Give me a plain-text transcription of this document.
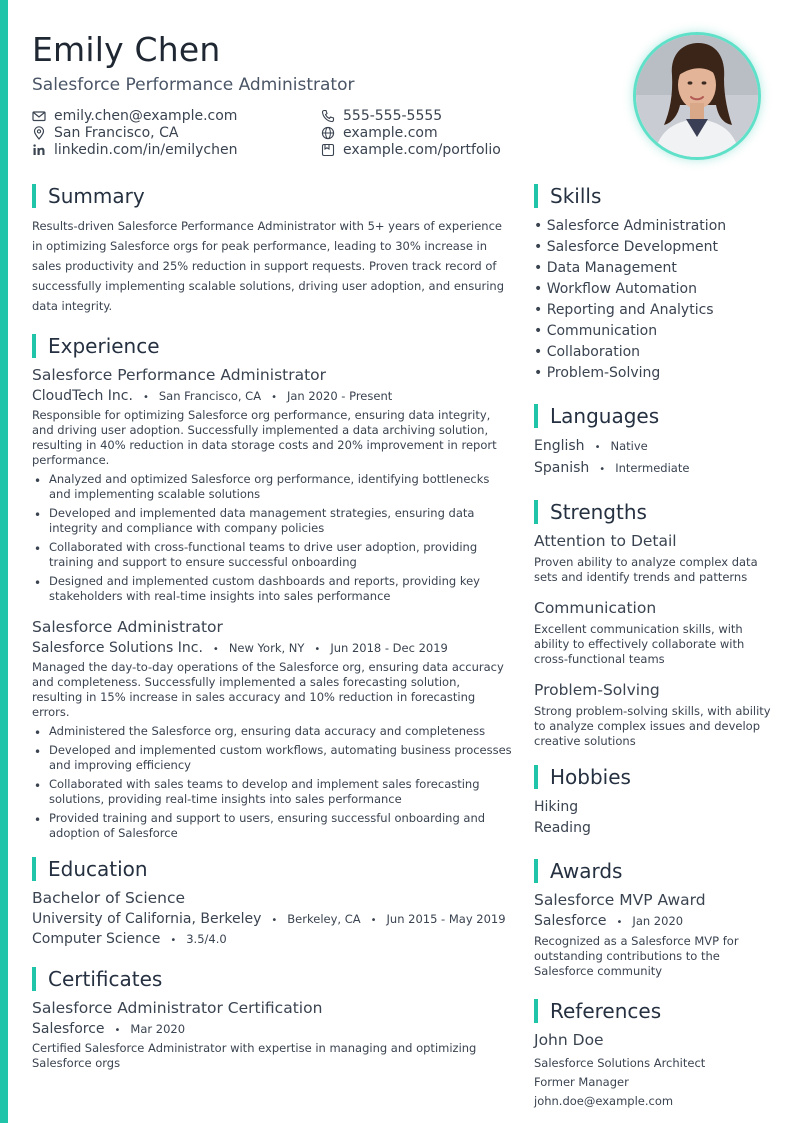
Emily Chen
Salesforce Performance Administrator
emily.chen@example.com	555-555-5555
San Francisco, CA	example.com
linkedin.com/in/emilychen	example.com/portfolio
Summary

Results-driven Salesforce Performance Administrator with 5+ years of experience in optimizing Salesforce orgs for peak performance, leading to 30% increase in sales productivity and 25% reduction in support requests. Proven track record of successfully implementing scalable solutions, driving user adoption, and ensuring data integrity.

Experience
Salesforce Performance Administrator
CloudTech Inc. • San Francisco, CA • Jan 2020 - Present
Responsible for optimizing Salesforce org performance, ensuring data integrity, and driving user adoption. Successfully implemented a data archiving solution, resulting in 40% reduction in data storage costs and 20% improvement in report performance.
• Analyzed and optimized Salesforce org performance, identifying bottlenecks and implementing scalable solutions
• Developed and implemented data management strategies, ensuring data integrity and compliance with company policies
• Collaborated with cross-functional teams to drive user adoption, providing training and support to ensure successful onboarding
• Designed and implemented custom dashboards and reports, providing key stakeholders with real-time insights into sales performance
Salesforce Administrator
Salesforce Solutions Inc. • New York, NY • Jun 2018 - Dec 2019
Managed the day-to-day operations of the Salesforce org, ensuring data accuracy and completeness. Successfully implemented a sales forecasting solution, resulting in 15% increase in sales accuracy and 10% reduction in forecasting errors.
• Administered the Salesforce org, ensuring data accuracy and completeness
• Developed and implemented custom workflows, automating business processes and improving efficiency
• Collaborated with sales teams to develop and implement sales forecasting solutions, providing real-time insights into sales performance
• Provided training and support to users, ensuring successful onboarding and adoption of Salesforce
Education
Bachelor of Science
University of California, Berkeley • Berkeley, CA • Jun 2015 - May 2019
Computer Science • 3.5/4.0
Certificates
Salesforce Administrator Certification
Salesforce • Mar 2020
Certified Salesforce Administrator with expertise in managing and optimizing Salesforce orgs
Skills
• Salesforce Administration
• Salesforce Development
• Data Management
• Workflow Automation
• Reporting and Analytics
• Communication• Collaboration
• Problem-Solving
Languages
English • Native
Spanish • Intermediate
Strengths
Attention to Detail
Proven ability to analyze complex data sets and identify trends and patterns
Communication
Excellent communication skills, with ability to effectively collaborate with cross-functional teams
Problem-Solving
Strong problem-solving skills, with ability to analyze complex issues and develop creative solutions
Hobbies
Hiking
Reading
Awards
Salesforce MVP Award
Salesforce • Jan 2020
Recognized as a Salesforce MVP for outstanding contributions to the Salesforce community
References
John Doe
Salesforce Solutions Architect
Former Manager
john.doe@example.com
